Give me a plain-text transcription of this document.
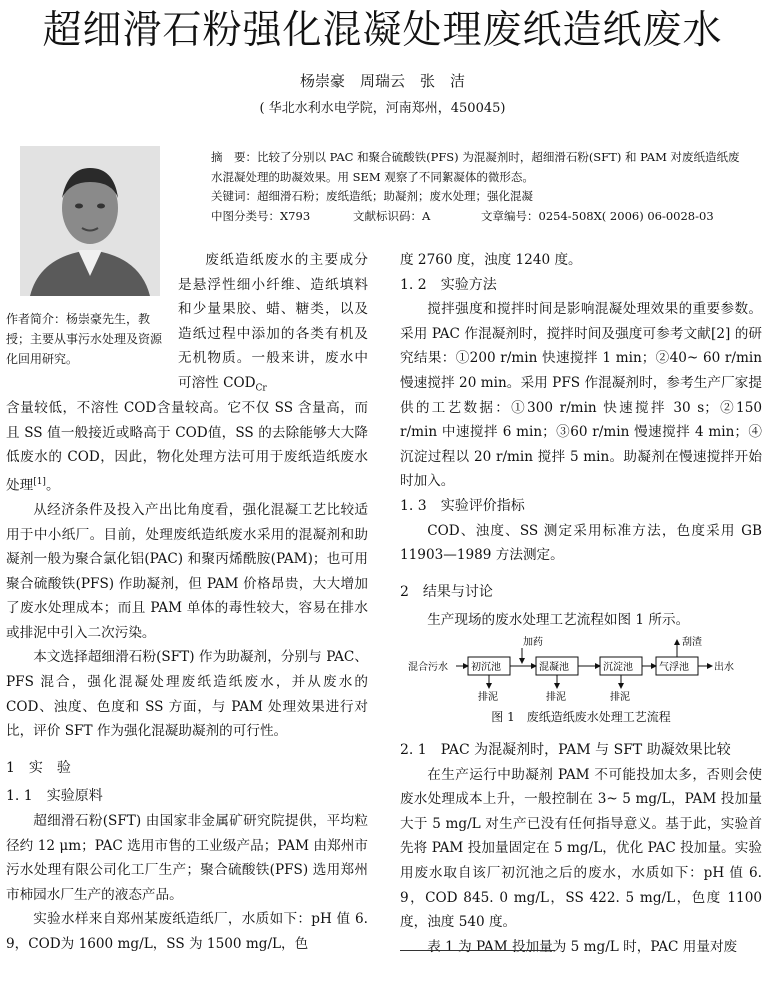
超细滑石粉强化混凝处理废纸造纸废水
杨崇豪　周瑞云　张　洁
( 华北水利水电学院，河南郑州，450045)

摘　要：比较了分别以 PAC 和聚合硫酸铁(PFS) 为混凝剂时，超细滑石粉(SFT) 和 PAM 对废纸造纸废

水混凝处理的助凝效果。用 SEM 观察了不同絮凝体的微形态。

关键词：超细滑石粉；废纸造纸；助凝剂；废水处理；强化混凝

中图分类号：X793	文献标识码：A	文章编号：0254-508X( 2006) 06-0028-03

作者简介：杨崇豪先生，教授；主要从事污水处理及资源化回用研究。

废纸造纸废水的主要成分是悬浮性细小纤维、造纸填料和少量果胶、蜡、糖类，以及造纸过程中添加的各类有机及无机物质。一般来讲，废水中可溶性 $COD_{Cr}$

含量较低，不溶性 COD含量较高。它不仅 SS 含量高，而且 SS 值一般接近或略高于 COD值，SS 的去除能够大大降低废水的 COD，因此，物化处理方法可用于废纸造纸废水处理[1]。

从经济条件及投入产出比角度看，强化混凝工艺比较适用于中小纸厂。目前，处理废纸造纸废水采用的混凝剂和助凝剂一般为聚合氯化铝(PAC) 和聚丙烯酰胺(PAM)；也可用聚合硫酸铁(PFS) 作助凝剂，但 PAM 价格昂贵，大大增加了废水处理成本；而且 PAM 单体的毒性较大，容易在排水或排泥中引入二次污染。

本文选择超细滑石粉(SFT) 作为助凝剂，分别与 PAC、PFS 混合，强化混凝处理废纸造纸废水，并从废水的 COD、浊度、色度和 SS 方面，与 PAM 处理效果进行对比，评价 SFT 作为强化混凝助凝剂的可行性。

1　实　验
1. 1　实验原料

超细滑石粉(SFT) 由国家非金属矿研究院提供，平均粒径约 12 μm；PAC 选用市售的工业级产品；PAM 由郑州市污水处理有限公司化工厂生产；聚合硫酸铁(PFS) 选用郑州市柿园水厂生产的液态产品。

实验水样来自郑州某废纸造纸厂，水质如下：pH 值 6. 9，COD为 1600 mg/L，SS 为 1500 mg/L，色

度 2760 度，浊度 1240 度。

1. 2　实验方法

搅拌强度和搅拌时间是影响混凝处理效果的重要参数。采用 PAC 作混凝剂时，搅拌时间及强度可参考文献[2] 的研究结果：①200 r/min 快速搅拌 1 min；②40~ 60 r/min 慢速搅拌 20 min。采用 PFS 作混凝剂时，参考生产厂家提供的工艺数据：①300 r/min 快速搅拌 30 s；②150 r/min 中速搅拌 6 min；③60 r/min 慢速搅拌 4 min；④沉淀过程以 20 r/min 搅拌 5 min。助凝剂在慢速搅拌开始时加入。

1. 3　实验评价指标

COD、浊度、SS 测定采用标准方法，色度采用 GB 11903—1989 方法测定。

2　结果与讨论

生产现场的废水处理工艺流程如图 1 所示。

混合污水 初沉池
加药
混凝池	沉淀池	气浮池
刮渣
出水
排泥	排泥	排泥
图 1　废纸造纸废水处理工艺流程
2. 1　PAC 为混凝剂时，PAM 与 SFT 助凝效果比较

在生产运行中助凝剂 PAM 不可能投加太多，否则会使废水处理成本上升，一般控制在 3~ 5 mg/L，PAM 投加量大于 5 mg/L 对生产已没有任何指导意义。基于此，实验首先将 PAM 投加量固定在 5 mg/L，优化 PAC 投加量。实验用废水取自该厂初沉池之后的废水，水质如下：pH 值 6. 9，COD 845. 0 mg/L，SS 422. 5 mg/L，色度 1100 度，浊度 540 度。

表 1 为 PAM 投加量为 5 mg/L 时，PAC 用量对废
